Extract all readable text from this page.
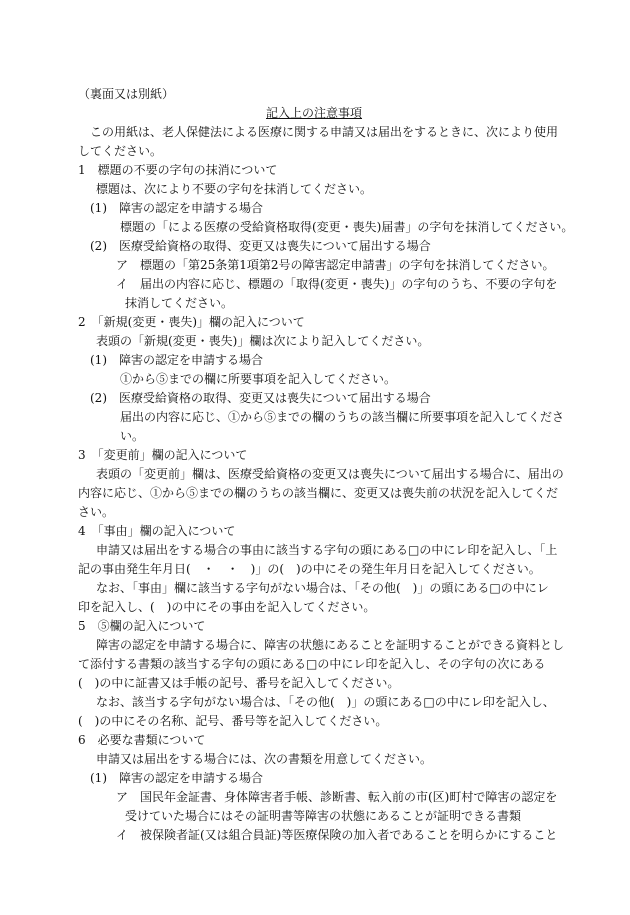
（裏面又は別紙）
記入上の注意事項
この用紙は、老人保健法による医療に関する申請又は届出をするときに、次により使用
してください。
1　標題の不要の字句の抹消について
標題は、次により不要の字句を抹消してください。
(1)　障害の認定を申請する場合
標題の「による医療の受給資格取得(変更・喪失)届書」の字句を抹消してください。
(2)　医療受給資格の取得、変更又は喪失について届出する場合
ア　標題の「第25条第1項第2号の障害認定申請書」の字句を抹消してください。
イ　届出の内容に応じ、標題の「取得(変更・喪失)」の字句のうち、不要の字句を
抹消してください。
2　「新規(変更・喪失)」欄の記入について
表頭の「新規(変更・喪失)」欄は次により記入してください。
(1)　障害の認定を申請する場合
①から⑤までの欄に所要事項を記入してください。
(2)　医療受給資格の取得、変更又は喪失について届出する場合
届出の内容に応じ、①から⑤までの欄のうちの該当欄に所要事項を記入してくださ
い。
3　「変更前」欄の記入について
表頭の「変更前」欄は、医療受給資格の変更又は喪失について届出する場合に、届出の
内容に応じ、①から⑤までの欄のうちの該当欄に、変更又は喪失前の状況を記入してくだ
さい。
4　「事由」欄の記入について
申請又は届出をする場合の事由に該当する字句の頭にある□の中にレ印を記入し、「上
記の事由発生年月日(　・　・　)」の(　)の中にその発生年月日を記入してください。
なお、「事由」欄に該当する字句がない場合は、「その他(　)」の頭にある□の中にレ
印を記入し、(　)の中にその事由を記入してください。
5　⑤欄の記入について
障害の認定を申請する場合に、障害の状態にあることを証明することができる資料とし
て添付する書類の該当する字句の頭にある□の中にレ印を記入し、その字句の次にある
(　)の中に証書又は手帳の記号、番号を記入してください。
なお、該当する字句がない場合は、「その他(　)」の頭にある□の中にレ印を記入し、
(　)の中にその名称、記号、番号等を記入してください。
6　必要な書類について
申請又は届出をする場合には、次の書類を用意してください。
(1)　障害の認定を申請する場合
ア　国民年金証書、身体障害者手帳、診断書、転入前の市(区)町村で障害の認定を
受けていた場合にはその証明書等障害の状態にあることが証明できる書類
イ　被保険者証(又は組合員証)等医療保険の加入者であることを明らかにすること
